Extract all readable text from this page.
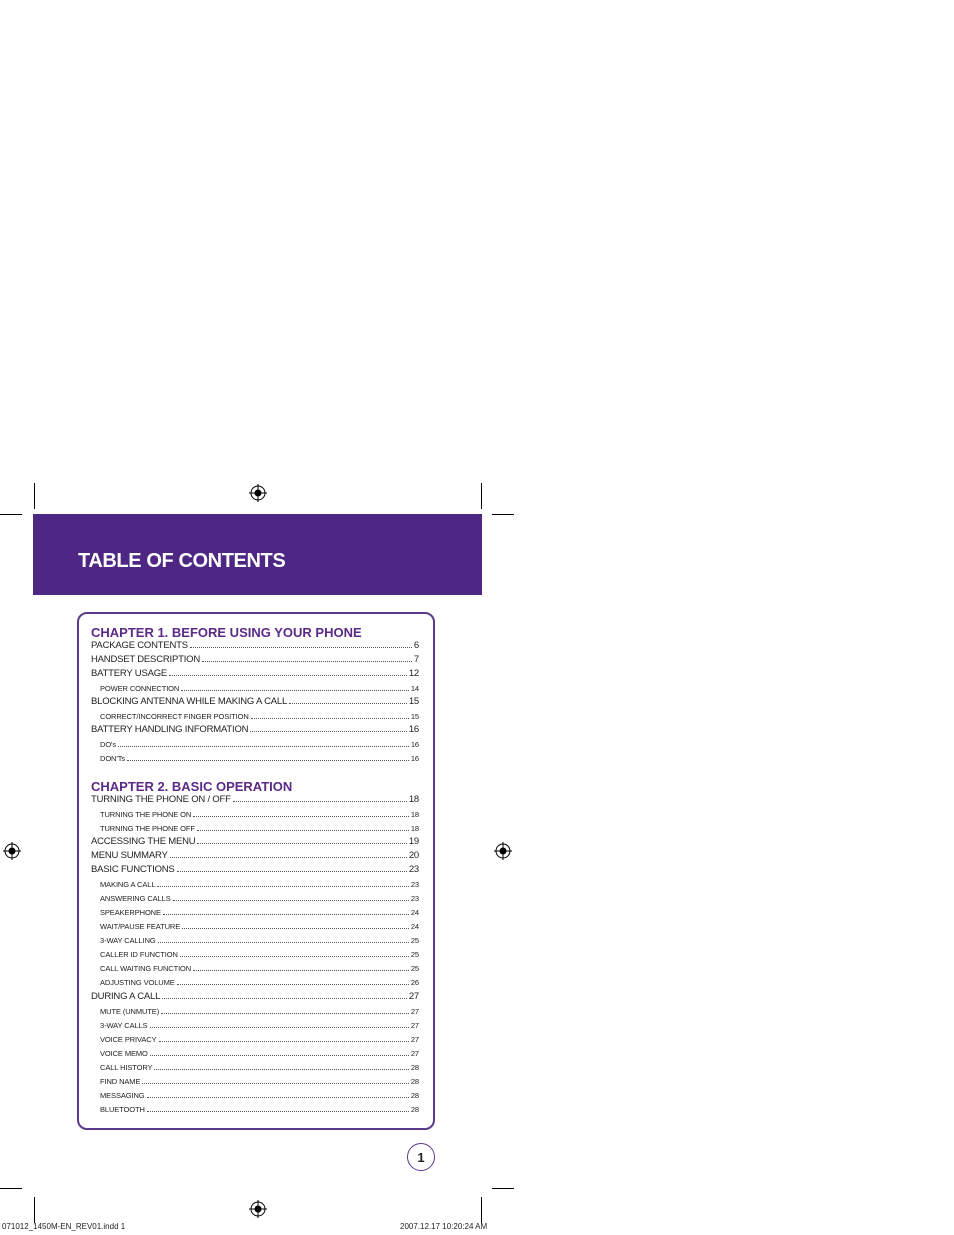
TABLE OF CONTENTS
CHAPTER 1. BEFORE USING YOUR PHONE
PACKAGE CONTENTS	6
HANDSET DESCRIPTION	7
BATTERY USAGE	12
POWER CONNECTION	14
BLOCKING ANTENNA WHILE MAKING A CALL	15
CORRECT/INCORRECT FINGER POSITION	15
BATTERY HANDLING INFORMATION	16
DO's	16
DON'Ts	16
CHAPTER 2. BASIC OPERATION
TURNING THE PHONE ON / OFF	18
TURNING THE PHONE ON	18
TURNING THE PHONE OFF	18
ACCESSING THE MENU	19
MENU SUMMARY	20
BASIC FUNCTIONS	23
MAKING A CALL	23
ANSWERING CALLS	23
SPEAKERPHONE	24
WAIT/PAUSE FEATURE	24
3-WAY CALLING	25
CALLER ID FUNCTION	25
CALL WAITING FUNCTION	25
ADJUSTING VOLUME	26
DURING A CALL	27
MUTE (UNMUTE)	27
3-WAY CALLS	27
VOICE PRIVACY	27
VOICE MEMO	27
CALL HISTORY	28
FIND NAME	28
MESSAGING	28
BLUETOOTH	28
1
071012_1450M-EN_REV01.indd 1	2007.12.17 10:20:24 AM
